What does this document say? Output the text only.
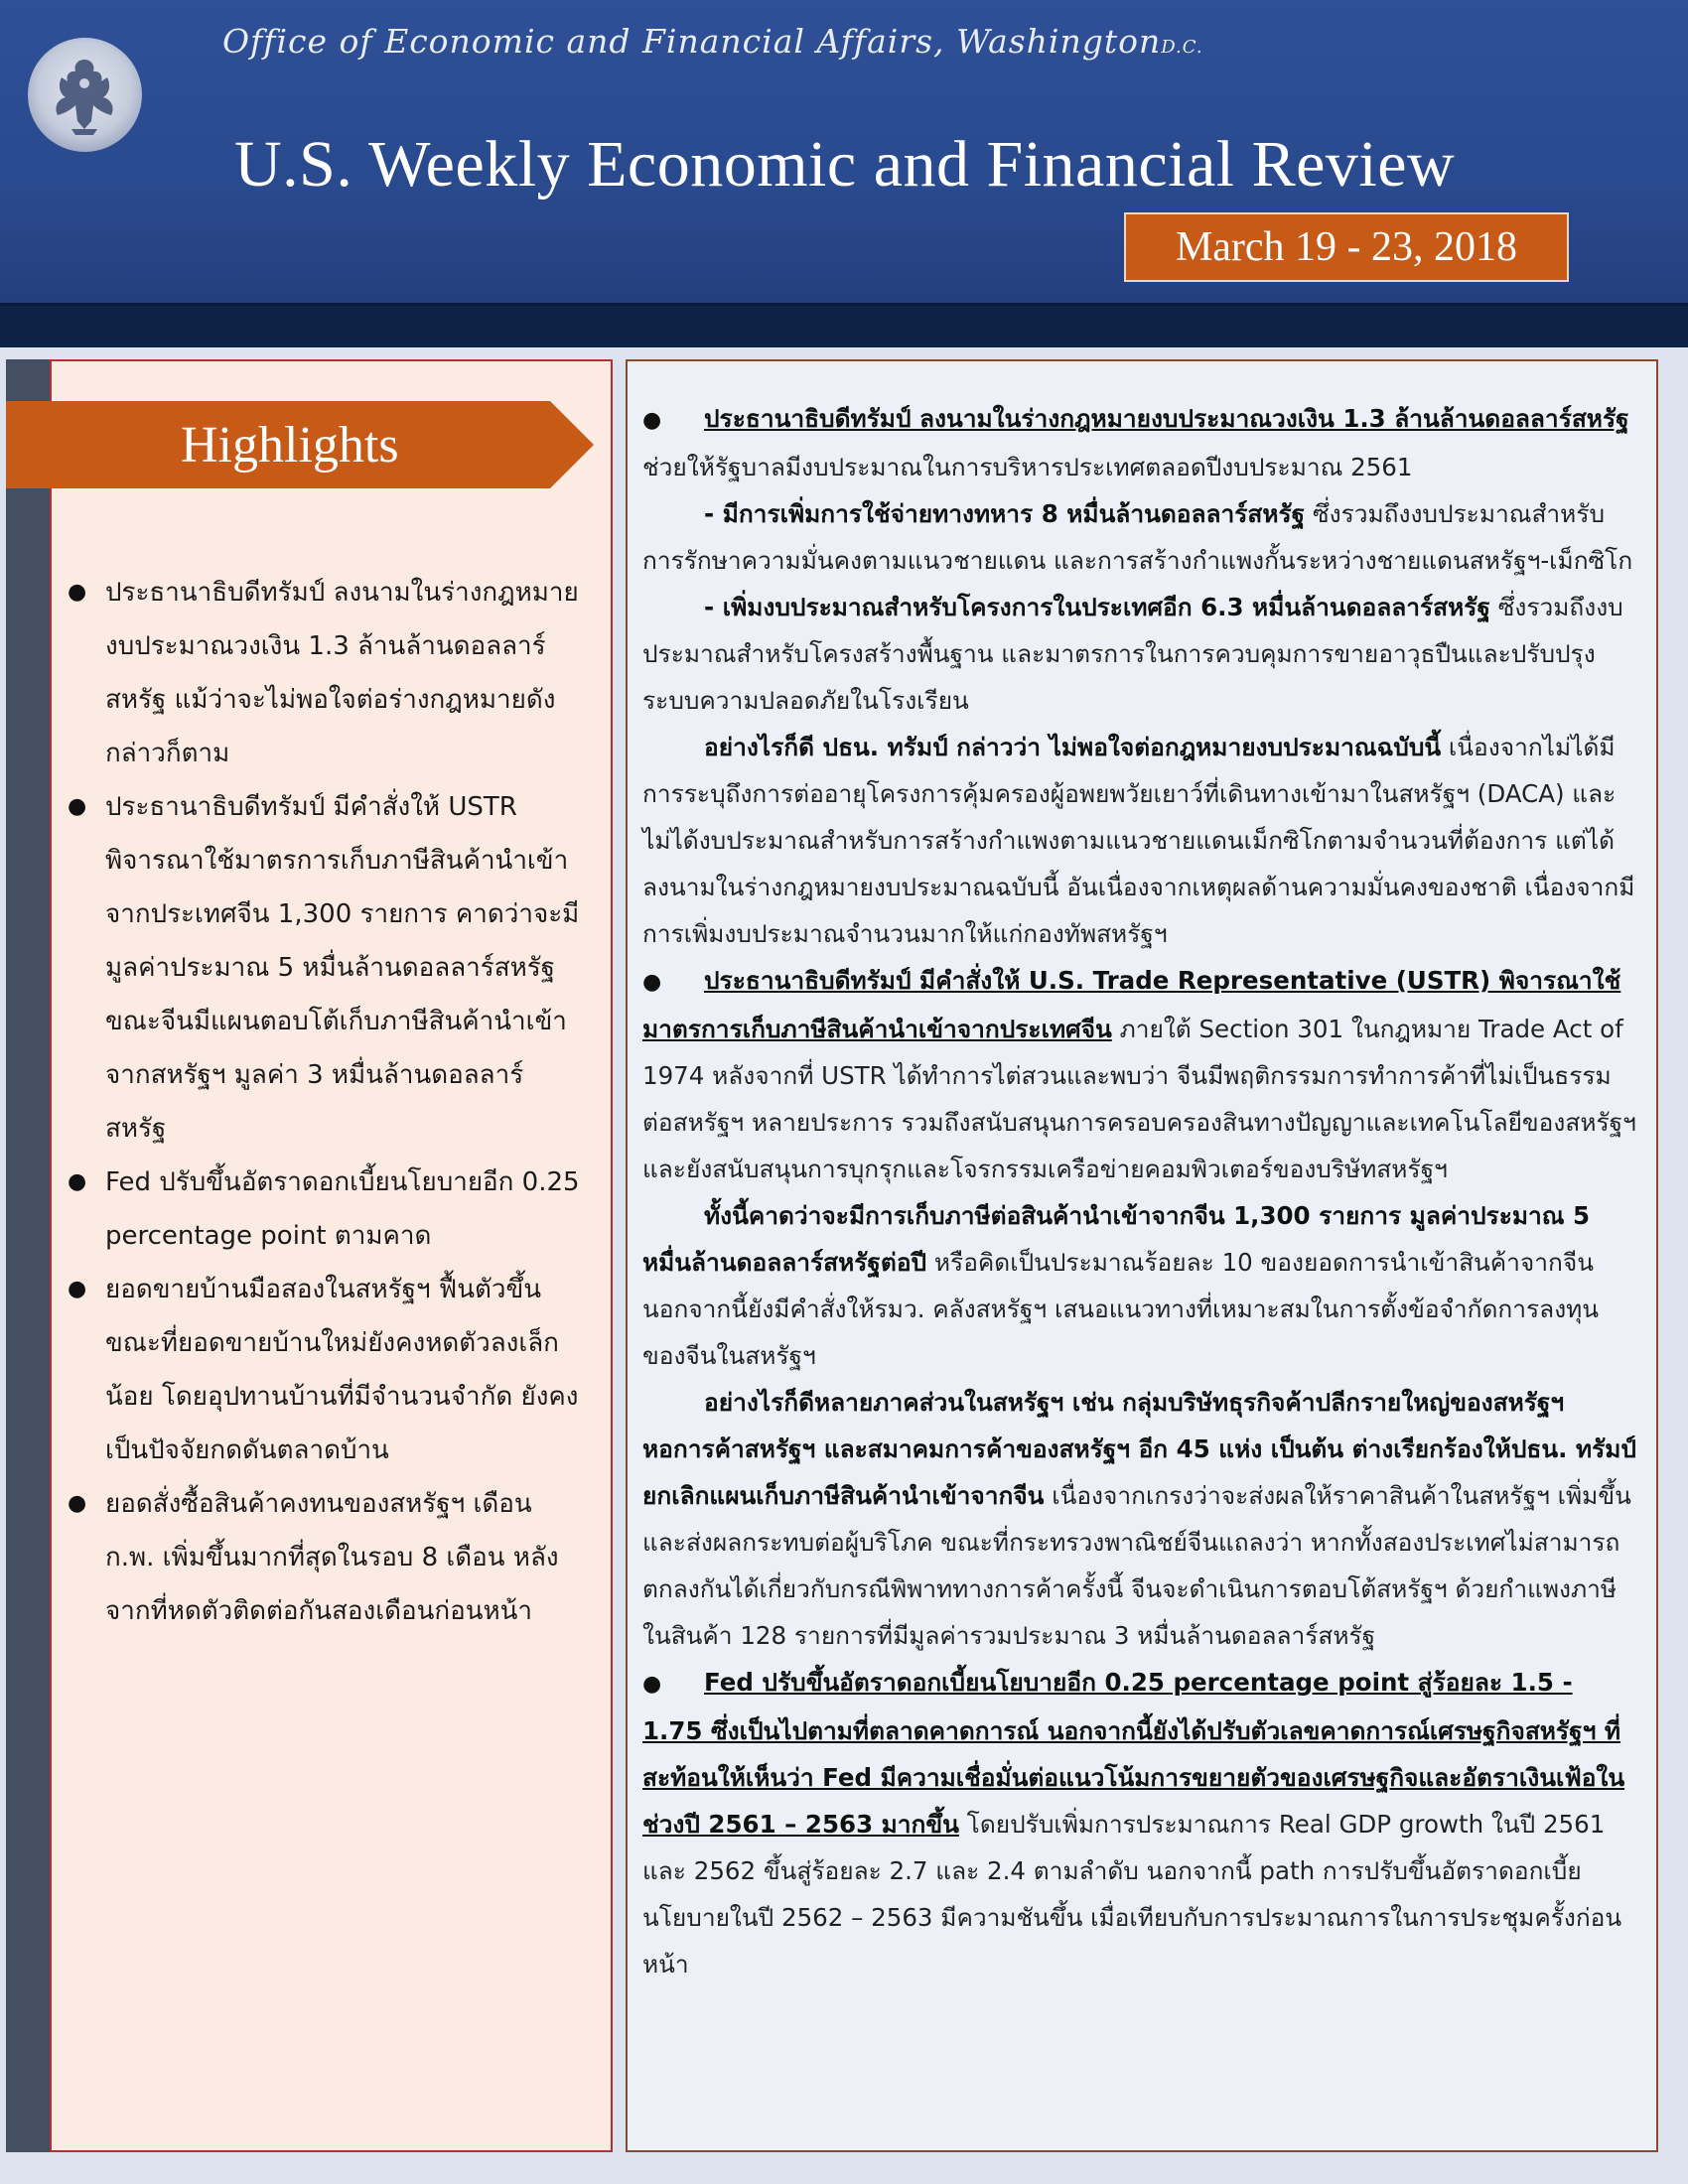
Office of Economic and Financial Affairs, WashingtonD.C.
U.S. Weekly Economic and Financial Review
March 19 - 23, 2018
Highlights
● ประธานาธิบดีทรัมป์ ลงนามในร่างกฎหมายงบประมาณวงเงิน 1.3 ล้านล้านดอลลาร์สหรัฐ แม้ว่าจะไม่พอใจต่อร่างกฎหมายดังกล่าวก็ตาม
● ประธานาธิบดีทรัมป์ มีคำสั่งให้ USTR พิจารณาใช้มาตรการเก็บภาษีสินค้านำเข้าจากประเทศจีน 1,300 รายการ คาดว่าจะมีมูลค่าประมาณ 5 หมื่นล้านดอลลาร์สหรัฐ ขณะจีนมีแผนตอบโต้เก็บภาษีสินค้านำเข้าจากสหรัฐฯ มูลค่า 3 หมื่นล้านดอลลาร์สหรัฐ
● Fed ปรับขึ้นอัตราดอกเบี้ยนโยบายอีก 0.25 percentage point ตามคาด
● ยอดขายบ้านมือสองในสหรัฐฯ ฟื้นตัวขึ้น ขณะที่ยอดขายบ้านใหม่ยังคงหดตัวลงเล็กน้อย โดยอุปทานบ้านที่มีจำนวนจำกัด ยังคงเป็นปัจจัยกดดันตลาดบ้าน
● ยอดสั่งซื้อสินค้าคงทนของสหรัฐฯ เดือน ก.พ. เพิ่มขึ้นมากที่สุดในรอบ 8 เดือน หลังจากที่หดตัวติดต่อกันสองเดือนก่อนหน้า

● ประธานาธิบดีทรัมป์ ลงนามในร่างกฎหมายงบประมาณวงเงิน 1.3 ล้านล้านดอลลาร์สหรัฐ ช่วยให้รัฐบาลมีงบประมาณในการบริหารประเทศตลอดปีงบประมาณ 2561

- มีการเพิ่มการใช้จ่ายทางทหาร 8 หมื่นล้านดอลลาร์สหรัฐ ซึ่งรวมถึงงบประมาณสำหรับการรักษาความมั่นคงตามแนวชายแดน และการสร้างกำแพงกั้นระหว่างชายแดนสหรัฐฯ-เม็กซิโก

- เพิ่มงบประมาณสำหรับโครงการในประเทศอีก 6.3 หมื่นล้านดอลลาร์สหรัฐ ซึ่งรวมถึงงบประมาณสำหรับโครงสร้างพื้นฐาน และมาตรการในการควบคุมการขายอาวุธปืนและปรับปรุงระบบความปลอดภัยในโรงเรียน

อย่างไรก็ดี ปธน. ทรัมป์ กล่าวว่า ไม่พอใจต่อกฎหมายงบประมาณฉบับนี้ เนื่องจากไม่ได้มีการระบุถึงการต่ออายุโครงการคุ้มครองผู้อพยพวัยเยาว์ที่เดินทางเข้ามาในสหรัฐฯ (DACA) และไม่ได้งบประมาณสำหรับการสร้างกำแพงตามแนวชายแดนเม็กซิโกตามจำนวนที่ต้องการ แต่ได้ลงนามในร่างกฎหมายงบประมาณฉบับนี้ อันเนื่องจากเหตุผลด้านความมั่นคงของชาติ เนื่องจากมีการเพิ่มงบประมาณจำนวนมากให้แก่กองทัพสหรัฐฯ

● ประธานาธิบดีทรัมป์ มีคำสั่งให้ U.S. Trade Representative (USTR) พิจารณาใช้มาตรการเก็บภาษีสินค้านำเข้าจากประเทศจีน ภายใต้ Section 301 ในกฎหมาย Trade Act of 1974 หลังจากที่ USTR ได้ทำการไต่สวนและพบว่า จีนมีพฤติกรรมการทำการค้าที่ไม่เป็นธรรมต่อสหรัฐฯ หลายประการ รวมถึงสนับสนุนการครอบครองสินทางปัญญาและเทคโนโลยีของสหรัฐฯ และยังสนับสนุนการบุกรุกและโจรกรรมเครือข่ายคอมพิวเตอร์ของบริษัทสหรัฐฯ

ทั้งนี้คาดว่าจะมีการเก็บภาษีต่อสินค้านำเข้าจากจีน 1,300 รายการ มูลค่าประมาณ 5 หมื่นล้านดอลลาร์สหรัฐต่อปี หรือคิดเป็นประมาณร้อยละ 10 ของยอดการนำเข้าสินค้าจากจีน นอกจากนี้ยังมีคำสั่งให้รมว. คลังสหรัฐฯ เสนอแนวทางที่เหมาะสมในการตั้งข้อจำกัดการลงทุนของจีนในสหรัฐฯ

อย่างไรก็ดีหลายภาคส่วนในสหรัฐฯ เช่น กลุ่มบริษัทธุรกิจค้าปลีกรายใหญ่ของสหรัฐฯ หอการค้าสหรัฐฯ และสมาคมการค้าของสหรัฐฯ อีก 45 แห่ง เป็นต้น ต่างเรียกร้องให้ปธน. ทรัมป์ ยกเลิกแผนเก็บภาษีสินค้านำเข้าจากจีน เนื่องจากเกรงว่าจะส่งผลให้ราคาสินค้าในสหรัฐฯ เพิ่มขึ้น และส่งผลกระทบต่อผู้บริโภค ขณะที่กระทรวงพาณิชย์จีนแถลงว่า หากทั้งสองประเทศไม่สามารถตกลงกันได้เกี่ยวกับกรณีพิพาททางการค้าครั้งนี้ จีนจะดำเนินการตอบโต้สหรัฐฯ ด้วยกำแพงภาษีในสินค้า 128 รายการที่มีมูลค่ารวมประมาณ 3 หมื่นล้านดอลลาร์สหรัฐ

● Fed ปรับขึ้นอัตราดอกเบี้ยนโยบายอีก 0.25 percentage point สู่ร้อยละ 1.5 - 1.75 ซึ่งเป็นไปตามที่ตลาดคาดการณ์ นอกจากนี้ยังได้ปรับตัวเลขคาดการณ์เศรษฐกิจสหรัฐฯ ที่สะท้อนให้เห็นว่า Fed มีความเชื่อมั่นต่อแนวโน้มการขยายตัวของเศรษฐกิจและอัตราเงินเฟ้อในช่วงปี 2561 – 2563 มากขึ้น โดยปรับเพิ่มการประมาณการ Real GDP growth ในปี 2561 และ 2562 ขึ้นสู่ร้อยละ 2.7 และ 2.4 ตามลำดับ นอกจากนี้ path การปรับขึ้นอัตราดอกเบี้ยนโยบายในปี 2562 – 2563 มีความชันขึ้น เมื่อเทียบกับการประมาณการในการประชุมครั้งก่อนหน้า
